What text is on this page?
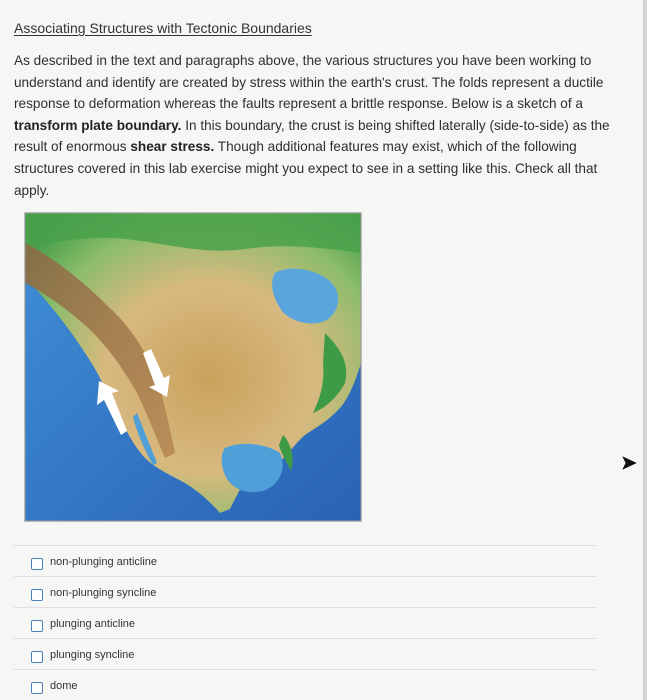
Associating Structures with Tectonic Boundaries
As described in the text and paragraphs above, the various structures you have been working to understand and identify are created by stress within the earth's crust. The folds represent a ductile response to deformation whereas the faults represent a brittle response. Below is a sketch of a transform plate boundary. In this boundary, the crust is being shifted laterally (side-to-side) as the result of enormous shear stress. Though additional features may exist, which of the following structures covered in this lab exercise might you expect to see in a setting like this. Check all that apply.
non-plunging anticline
non-plunging syncline
plunging anticline
plunging syncline
dome
